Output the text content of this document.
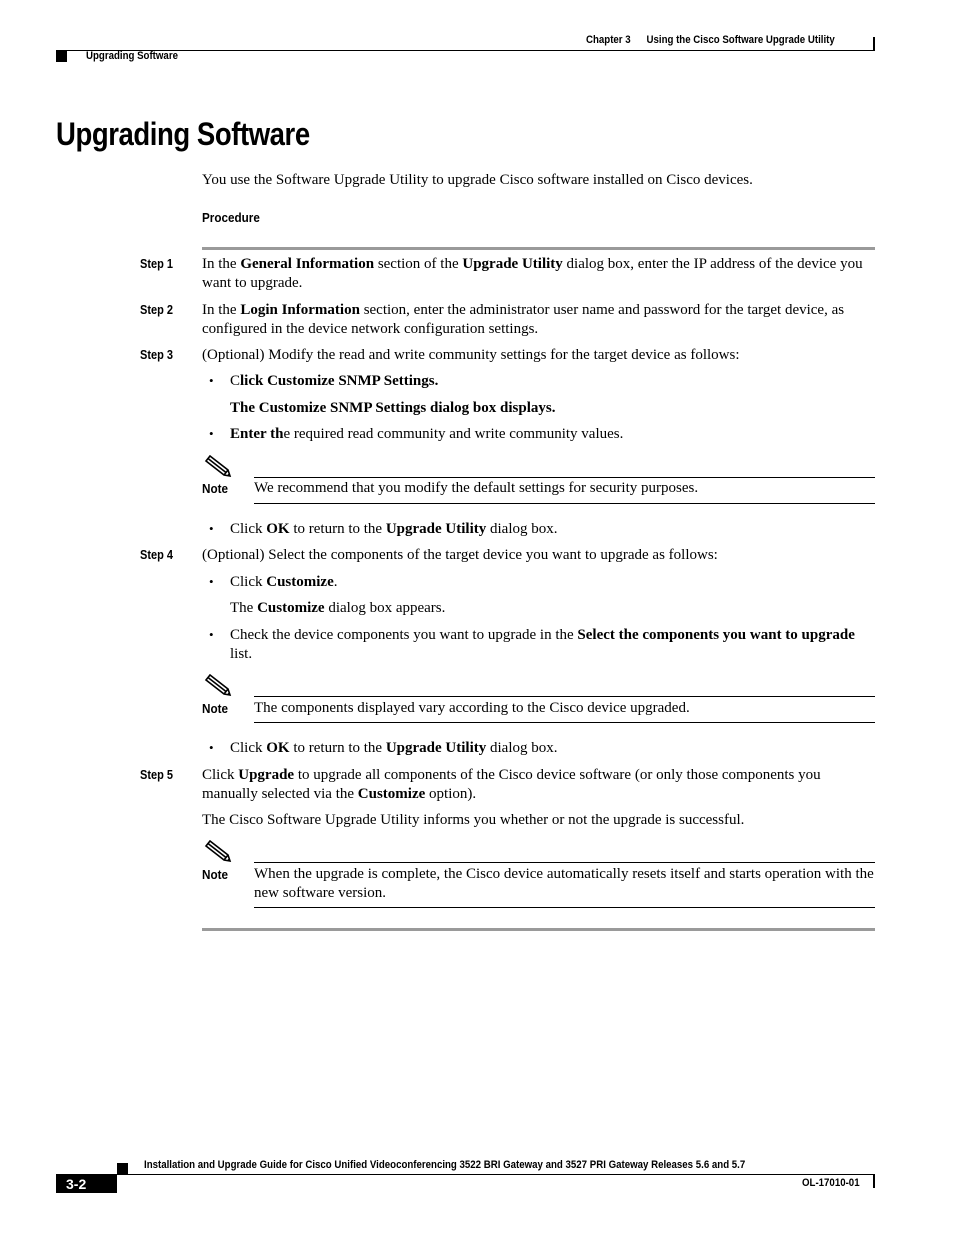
Chapter 3 Using the Cisco Software Upgrade Utility
Upgrading Software
Upgrading Software
You use the Software Upgrade Utility to upgrade Cisco software installed on Cisco devices.
Procedure
Step 1 In the General Information section of the Upgrade Utility dialog box, enter the IP address of the device you want to upgrade.
Step 2 In the Login Information section, enter the administrator user name and password for the target device, as configured in the device network configuration settings.
Step 3 (Optional) Modify the read and write community settings for the target device as follows:
• Click Customize SNMP Settings.
The Customize SNMP Settings dialog box displays.
• Enter the required read community and write community values.
Note We recommend that you modify the default settings for security purposes.
• Click OK to return to the Upgrade Utility dialog box.
Step 4 (Optional) Select the components of the target device you want to upgrade as follows:
• Click Customize.
The Customize dialog box appears.
• Check the device components you want to upgrade in the Select the components you want to upgrade list.
Note The components displayed vary according to the Cisco device upgraded.
• Click OK to return to the Upgrade Utility dialog box.
Step 5 Click Upgrade to upgrade all components of the Cisco device software (or only those components you manually selected via the Customize option).
The Cisco Software Upgrade Utility informs you whether or not the upgrade is successful.
Note When the upgrade is complete, the Cisco device automatically resets itself and starts operation with the new software version.
Installation and Upgrade Guide for Cisco Unified Videoconferencing 3522 BRI Gateway and 3527 PRI Gateway Releases 5.6 and 5.7
3-2	OL-17010-01
